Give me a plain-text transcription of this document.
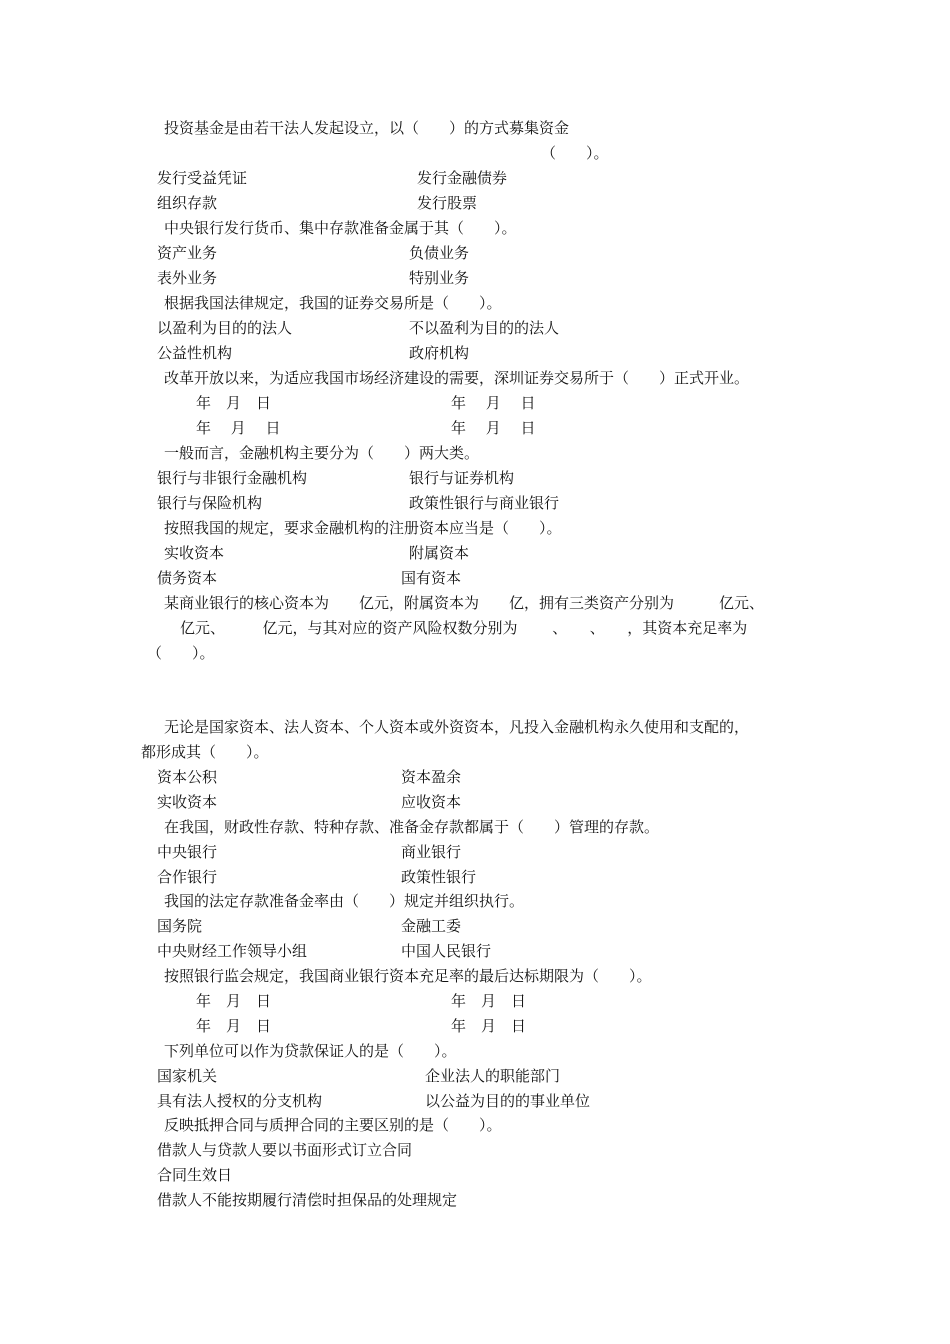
投资基金是由若干法人发起设立，以（　　）的方式募集资金
（　　）。
发行受益凭证	发行金融债券
组织存款	发行股票
中央银行发行货币、集中存款准备金属于其（　　）。
资产业务	负债业务
表外业务	特别业务
根据我国法律规定，我国的证券交易所是（　　）。
以盈利为目的的法人	不以盈利为目的的法人
公益性机构	政府机构
改革开放以来，为适应我国市场经济建设的需要，深圳证券交易所于（　　）正式开业。
年　月　日	年　 月　 日
年　 月　 日	年　 月　 日
一般而言，金融机构主要分为（　　）两大类。
银行与非银行金融机构	银行与证券机构
银行与保险机构	政策性银行与商业银行
按照我国的规定，要求金融机构的注册资本应当是（　　）。
实收资本	附属资本
债务资本	国有资本
某商业银行的核心资本为　　亿元，附属资本为　　亿，拥有三类资产分别为　　　亿元、
亿元、　　　亿元，与其对应的资产风险权数分别为　　 、　　、　　，其资本充足率为
（　　）。
无论是国家资本、法人资本、个人资本或外资资本，凡投入金融机构永久使用和支配的，
都形成其（　　）。
资本公积	资本盈余
实收资本	应收资本
在我国，财政性存款、特种存款、准备金存款都属于（　　）管理的存款。
中央银行	商业银行
合作银行	政策性银行
我国的法定存款准备金率由（　　）规定并组织执行。
国务院	金融工委
中央财经工作领导小组	中国人民银行
按照银行监会规定，我国商业银行资本充足率的最后达标期限为（　　）。
年　月　日	年　月　日
年　月　日	年　月　日
下列单位可以作为贷款保证人的是（　　）。
国家机关	企业法人的职能部门
具有法人授权的分支机构	以公益为目的的事业单位
反映抵押合同与质押合同的主要区别的是（　　）。
借款人与贷款人要以书面形式订立合同
合同生效日
借款人不能按期履行清偿时担保品的处理规定
